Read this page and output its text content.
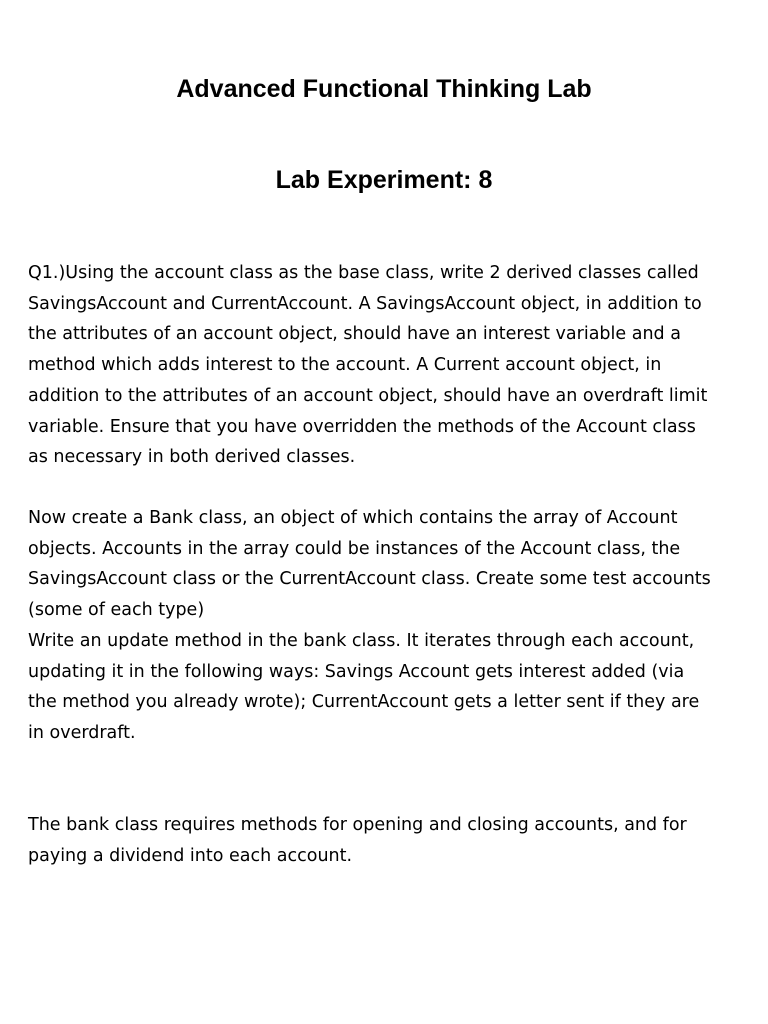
Advanced Functional Thinking Lab
Lab Experiment: 8
Q1.)Using the account class as the base class, write 2 derived classes called
SavingsAccount and CurrentAccount. A SavingsAccount object, in addition to
the attributes of an account object, should have an interest variable and a
method which adds interest to the account. A Current account object, in
addition to the attributes of an account object, should have an overdraft limit
variable. Ensure that you have overridden the methods of the Account class
as necessary in both derived classes.
Now create a Bank class, an object of which contains the array of Account
objects. Accounts in the array could be instances of the Account class, the
SavingsAccount class or the CurrentAccount class. Create some test accounts
(some of each type)
Write an update method in the bank class. It iterates through each account,
updating it in the following ways: Savings Account gets interest added (via
the method you already wrote); CurrentAccount gets a letter sent if they are
in overdraft.
The bank class requires methods for opening and closing accounts, and for
paying a dividend into each account.
